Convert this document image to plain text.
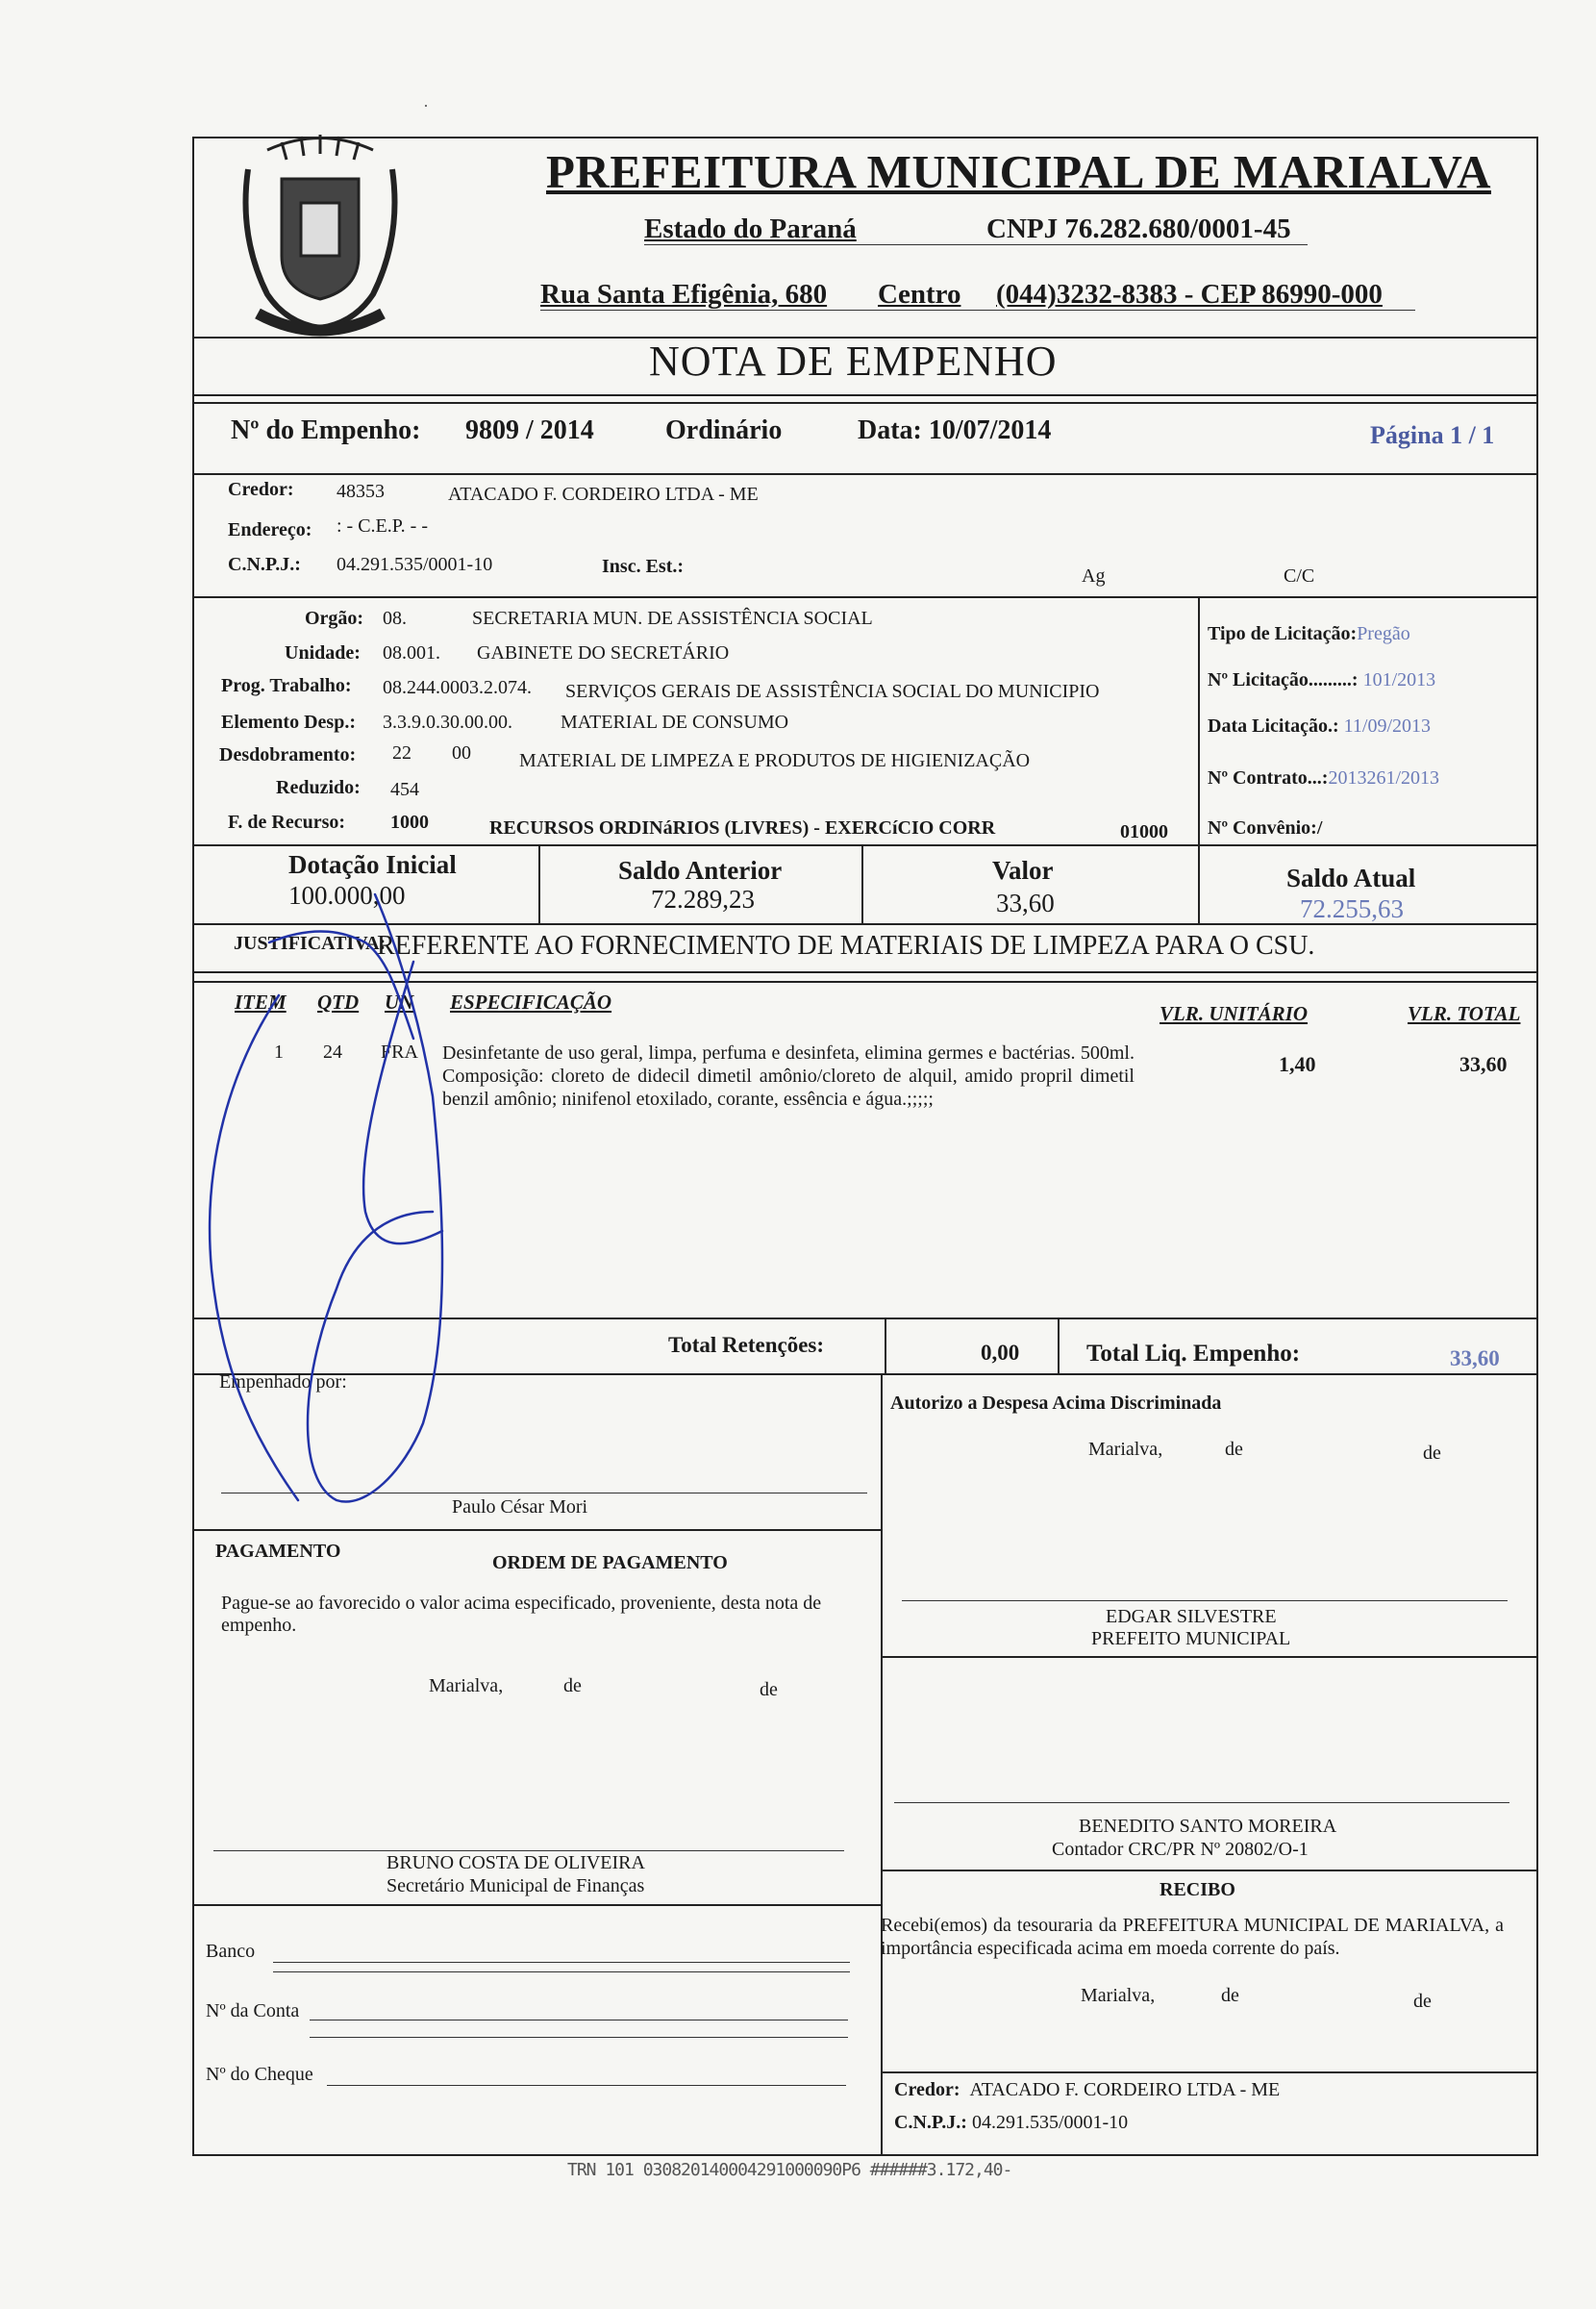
·
PREFEITURA MUNICIPAL DE MARIALVA
Estado do Paraná	CNPJ 76.282.680/0001-45
Rua Santa Efigênia, 680 Centro (044)3232-8383 - CEP 86990-000
NOTA DE EMPENHO
Nº do Empenho: 9809 / 2014	Ordinário	Data: 10/07/2014	Página 1 / 1
Credor: 48353	ATACADO F. CORDEIRO LTDA - ME
Endereço: : - C.E.P. - -
C.N.P.J.: 04.291.535/0001-10	Insc. Est.:	Ag	C/C
Orgão: 08.	SECRETARIA MUN. DE ASSISTÊNCIA SOCIAL
Unidade: 08.001. GABINETE DO SECRETÁRIO
Prog. Trabalho: 08.244.0003.2.074. SERVIÇOS GERAIS DE ASSISTÊNCIA SOCIAL DO MUNICIPIO
Elemento Desp.: 3.3.9.0.30.00.00.	MATERIAL DE CONSUMO
Desdobramento: 22 00	MATERIAL DE LIMPEZA E PRODUTOS DE HIGIENIZAÇÃO
Reduzido: 454
F. de Recurso: 1000	RECURSOS ORDINáRIOS (LIVRES) - EXERCíCIO CORR	01000
Tipo de Licitação:Pregão
Nº Licitação.........: 101/2013
Data Licitação.: 11/09/2013
Nº Contrato...:2013261/2013
Nº Convênio:/
Dotação Inicial
100.000,00
Saldo Anterior
72.289,23
Valor
33,60
Saldo Atual
72.255,63
JUSTIFICATIVA:
REFERENTE AO FORNECIMENTO DE MATERIAIS DE LIMPEZA PARA O CSU.
ITEM QTD UN ESPECIFICAÇÃO	VLR. UNITÁRIO	VLR. TOTAL
1 24 FRA Desinfetante de uso geral, limpa, perfuma e desinfeta, elimina germes e bactérias. 500ml. Composição: cloreto de didecil dimetil amônio/cloreto de alquil, amido propril dimetil benzil amônio; ninifenol etoxilado, corante, essência e água.;;;;;
1,40	33,60
Total Retenções:	0,00	Total Liq. Empenho:	33,60
Empenhado por:
Paulo César Mori
Autorizo a Despesa Acima Discriminada
Marialva,	de	de
PAGAMENTO
ORDEM DE PAGAMENTO
Pague-se ao favorecido o valor acima especificado, proveniente, desta nota de empenho.
Marialva,	de	de
EDGAR SILVESTRE
PREFEITO MUNICIPAL
BENEDITO SANTO MOREIRA
Contador CRC/PR Nº 20802/O-1
BRUNO COSTA DE OLIVEIRA
Secretário Municipal de Finanças	RECIBO
Recebi(emos) da tesouraria da PREFEITURA MUNICIPAL DE MARIALVA, a importância especificada acima em moeda corrente do país.
Marialva,	de	de
Credor: ATACADO F. CORDEIRO LTDA - ME
C.N.P.J.: 04.291.535/0001-10
Banco
Nº da Conta
Nº do Cheque
TRN 101 030820140004291000090P6 ######3.172,40-
